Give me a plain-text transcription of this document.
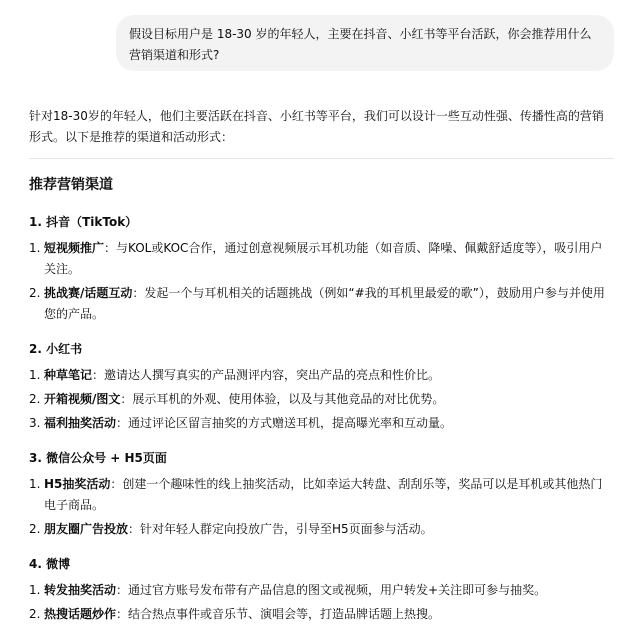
假设目标用户是 18-30 岁的年轻人，主要在抖音、小红书等平台活跃，你会推荐用什么营销渠道和形式?

针对18-30岁的年轻人，他们主要活跃在抖音、小红书等平台，我们可以设计一些互动性强、传播性高的营销形式。以下是推荐的渠道和活动形式：

推荐营销渠道
1. 抖音（TikTok）
1. 短视频推广：与KOL或KOC合作，通过创意视频展示耳机功能（如音质、降噪、佩戴舒适度等），吸引用户关注。
2. 挑战赛/话题互动：发起一个与耳机相关的话题挑战（例如“#我的耳机里最爱的歌”），鼓励用户参与并使用您的产品。
2. 小红书
1. 种草笔记：邀请达人撰写真实的产品测评内容，突出产品的亮点和性价比。
2. 开箱视频/图文：展示耳机的外观、使用体验，以及与其他竞品的对比优势。
3. 福利抽奖活动：通过评论区留言抽奖的方式赠送耳机，提高曝光率和互动量。
3. 微信公众号 + H5页面
1. H5抽奖活动：创建一个趣味性的线上抽奖活动，比如幸运大转盘、刮刮乐等，奖品可以是耳机或其他热门电子商品。
2. 朋友圈广告投放：针对年轻人群定向投放广告，引导至H5页面参与活动。
4. 微博
1. 转发抽奖活动：通过官方账号发布带有产品信息的图文或视频，用户转发+关注即可参与抽奖。
2. 热搜话题炒作：结合热点事件或音乐节、演唱会等，打造品牌话题上热搜。
